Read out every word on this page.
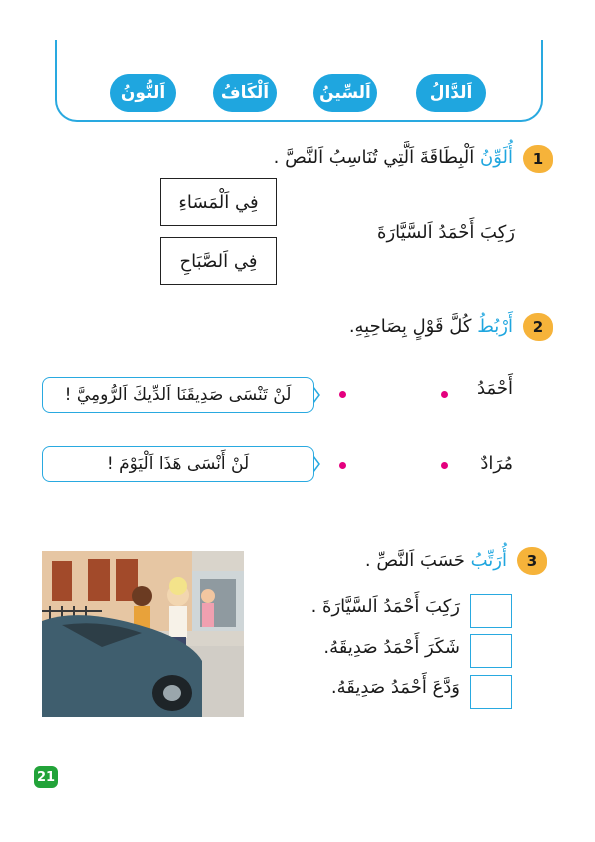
اَلدَّالُ
اَلسِّينُ
اَلْكَافُ
اَلنُّونُ
1
أُلَوِّنُ اَلْبِطَاقَةَ اَلَّتِي تُنَاسِبُ اَلنَّصَّ .
رَكِبَ أَحْمَدُ اَلسَّيَّارَةَ
فِي اَلْمَسَاءِ
فِي اَلصَّبَاحِ
2
أَرْبُطُ كُلَّ قَوْلٍ بِصَاحِبِهِ.
أَحْمَدُ
لَنْ تَنْسَى صَدِيقَنَا اَلدِّيكَ اَلرُّومِيَّ !
مُرَادٌ
لَنْ أَنْسَى هَذَا اَلْيَوْمَ !
3
أُرَتِّبُ حَسَبَ اَلنَّصِّ .
رَكِبَ أَحْمَدُ اَلسَّيَّارَةَ .
شَكَرَ أَحْمَدُ صَدِيقَهُ.
وَدَّعَ أَحْمَدُ صَدِيقَهُ.
21
